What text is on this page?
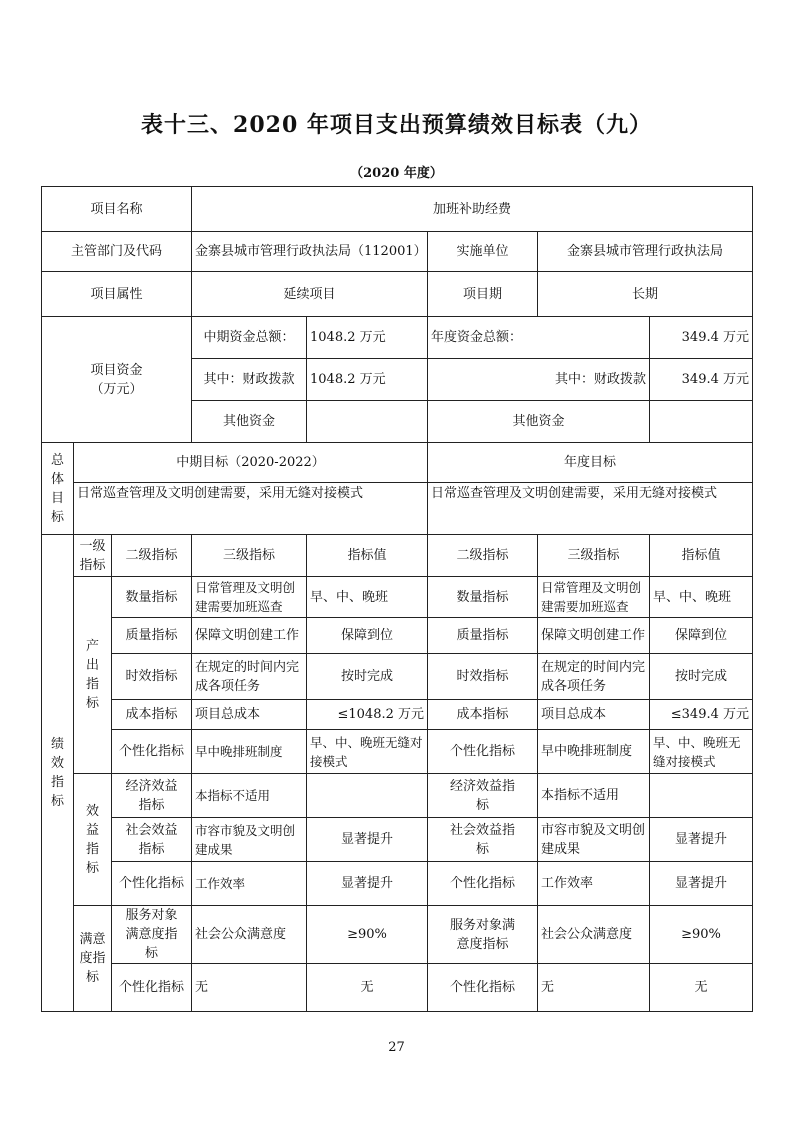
表十三、2020 年项目支出预算绩效目标表（九）
（2020 年度）
项目名称			加班补助经费				
主管部门及代码			金寨县城市管理行政执法局（112001）		实施单位	金寨县城市管理行政执法局	
项目属性			延续项目		项目期	长期	
项目资金（万元）			中期资金总额：	1048.2 万元	年度资金总额：		349.4 万元
			其中：财政拨款	1048.2 万元	其中：财政拨款		349.4 万元
			其他资金		其他资金		
总体目标	中期目标（2020-2022）				年度目标		
	日常巡查管理及文明创建需要，采用无缝对接模式				日常巡查管理及文明创建需要，采用无缝对接模式		
绩效指标	一级指标	二级指标	三级指标	指标值	二级指标	三级指标	指标值
	产出指标	数量指标	日常管理及文明创建需要加班巡查	早、中、晚班	数量指标	日常管理及文明创建需要加班巡查	早、中、晚班
		质量指标	保障文明创建工作	保障到位	质量指标	保障文明创建工作	保障到位
		时效指标	在规定的时间内完成各项任务	按时完成	时效指标	在规定的时间内完成各项任务	按时完成
		成本指标	项目总成本	≤1048.2 万元	成本指标	项目总成本	≤349.4 万元
		个性化指标	早中晚排班制度	早、中、晚班无缝对接模式	个性化指标	早中晚排班制度	早、中、晚班无缝对接模式
	效益指标	经济效益指标	本指标不适用		经济效益指标	本指标不适用	
		社会效益指标	市容市貌及文明创建成果	显著提升	社会效益指标	市容市貌及文明创建成果	显著提升
		个性化指标	工作效率	显著提升	个性化指标	工作效率	显著提升
	满意度指标	服务对象满意度指标	社会公众满意度	≥90%	服务对象满意度指标	社会公众满意度	≥90%
		个性化指标	无	无	个性化指标	无	无
27
